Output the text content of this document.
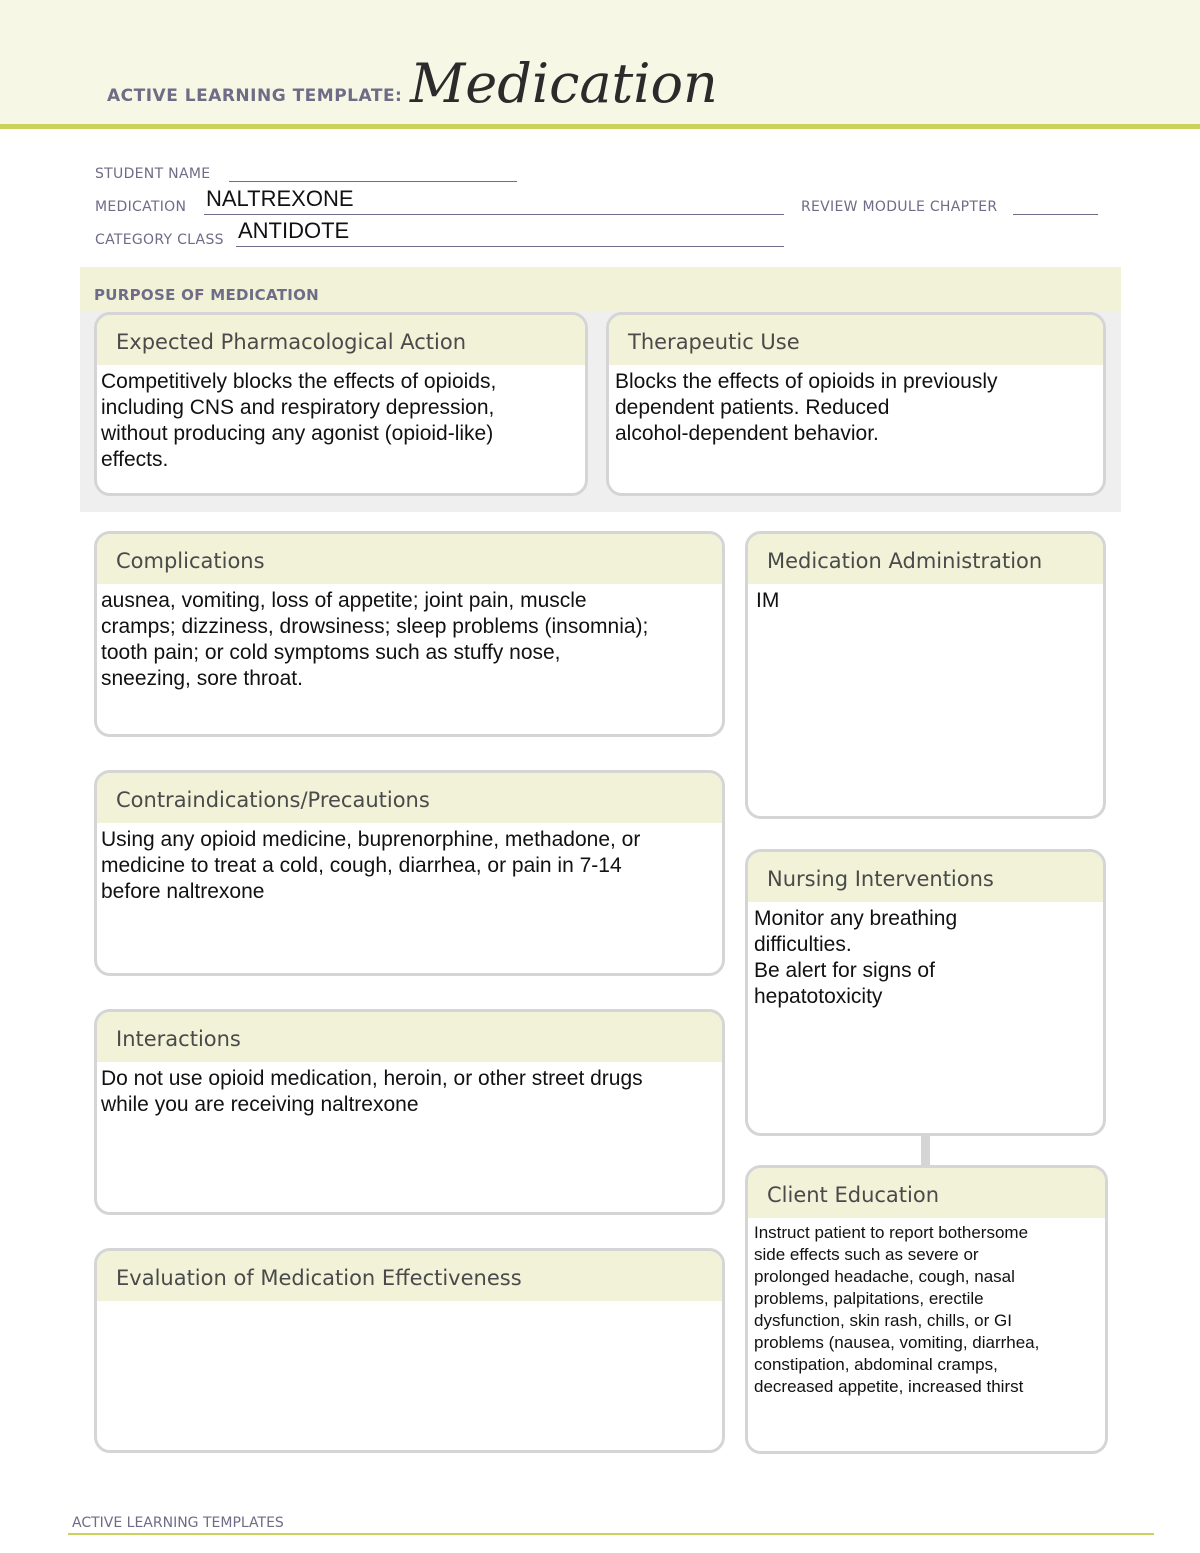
ACTIVE LEARNING TEMPLATE: Medication
STUDENT NAME
MEDICATION NALTREXONE	REVIEW MODULE CHAPTER
CATEGORY CLASS ANTIDOTE
PURPOSE OF MEDICATION
Expected Pharmacological Action
Competitively blocks the effects of opioids,
including CNS and respiratory depression,
without producing any agonist (opioid-like)
effects.
Therapeutic Use
Blocks the effects of opioids in previously
dependent patients. Reduced
alcohol-dependent behavior.
Complications
ausnea, vomiting, loss of appetite; joint pain, muscle
cramps; dizziness, drowsiness; sleep problems (insomnia);
tooth pain; or cold symptoms such as stuffy nose,
sneezing, sore throat.
Contraindications/Precautions
Using any opioid medicine, buprenorphine, methadone, or
medicine to treat a cold, cough, diarrhea, or pain in 7-14
before naltrexone
Interactions
Do not use opioid medication, heroin, or other street drugs
while you are receiving naltrexone
Evaluation of Medication Effectiveness
Medication Administration
IM
Nursing Interventions
Monitor any breathing
difficulties.
Be alert for signs of
hepatotoxicity
Client Education
Instruct patient to report bothersome
side effects such as severe or
prolonged headache, cough, nasal
problems, palpitations, erectile
dysfunction, skin rash, chills, or GI
problems (nausea, vomiting, diarrhea,
constipation, abdominal cramps,
decreased appetite, increased thirst
ACTIVE LEARNING TEMPLATES
